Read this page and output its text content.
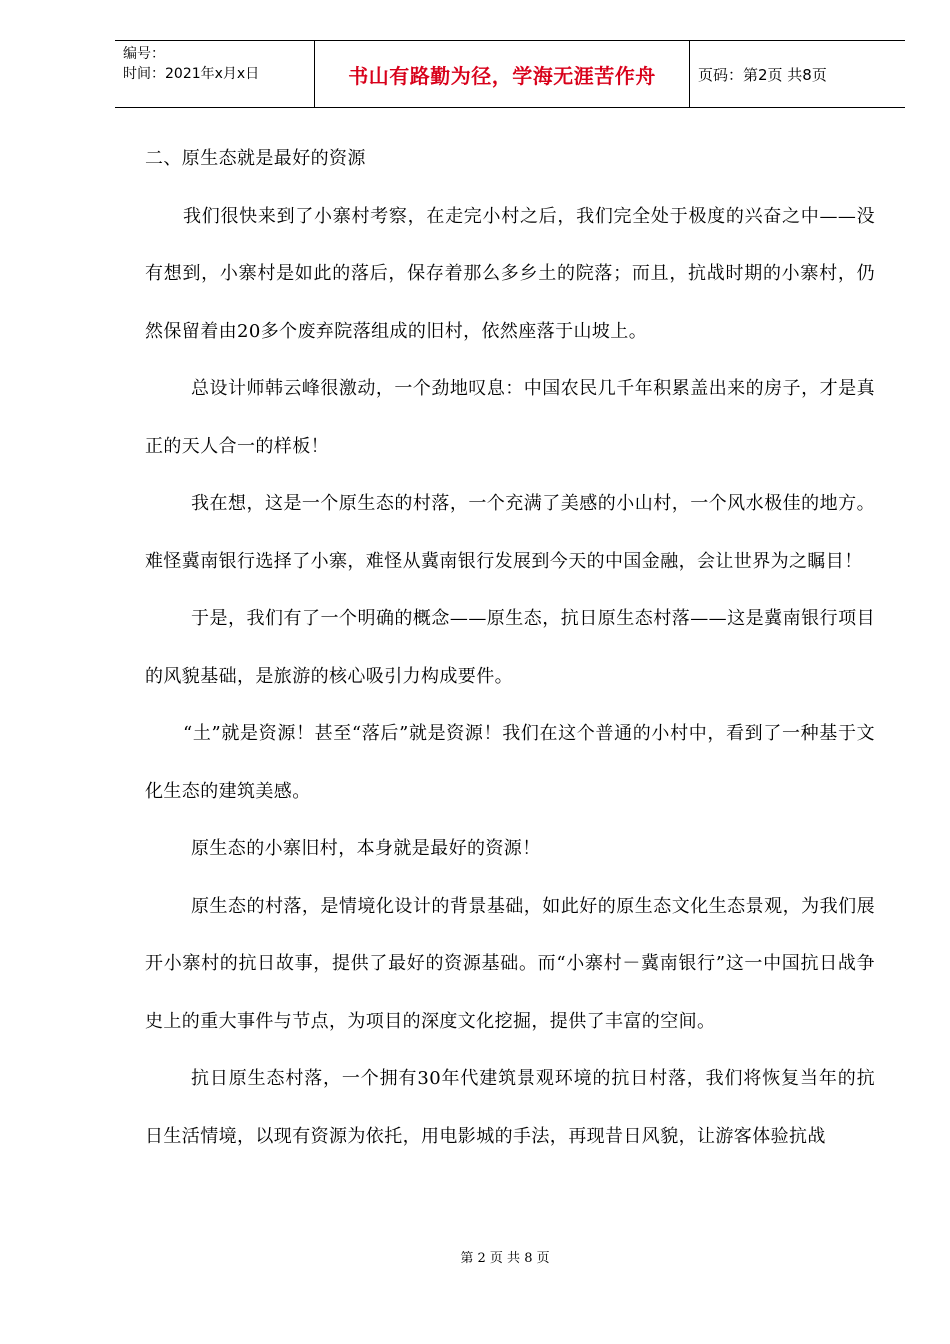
编号：
时间：2021年x月x日	书山有路勤为径，学海无涯苦作舟	页码：第2页 共8页

二、原生态就是最好的资源

我们很快来到了小寨村考察，在走完小村之后，我们完全处于极度的兴奋之中——没有想到，小寨村是如此的落后，保存着那么多乡土的院落；而且，抗战时期的小寨村，仍然保留着由20多个废弃院落组成的旧村，依然座落于山坡上。

总设计师韩云峰很激动，一个劲地叹息：中国农民几千年积累盖出来的房子，才是真正的天人合一的样板！

我在想，这是一个原生态的村落，一个充满了美感的小山村，一个风水极佳的地方。难怪冀南银行选择了小寨，难怪从冀南银行发展到今天的中国金融，会让世界为之瞩目！

于是，我们有了一个明确的概念——原生态，抗日原生态村落——这是冀南银行项目的风貌基础，是旅游的核心吸引力构成要件。

“土”就是资源！甚至“落后”就是资源！我们在这个普通的小村中，看到了一种基于文化生态的建筑美感。

原生态的小寨旧村，本身就是最好的资源！

原生态的村落，是情境化设计的背景基础，如此好的原生态文化生态景观，为我们展开小寨村的抗日故事，提供了最好的资源基础。而“小寨村－冀南银行”这一中国抗日战争史上的重大事件与节点，为项目的深度文化挖掘，提供了丰富的空间。

抗日原生态村落，一个拥有30年代建筑景观环境的抗日村落，我们将恢复当年的抗日生活情境，以现有资源为依托，用电影城的手法，再现昔日风貌，让游客体验抗战

第 2 页 共 8 页
